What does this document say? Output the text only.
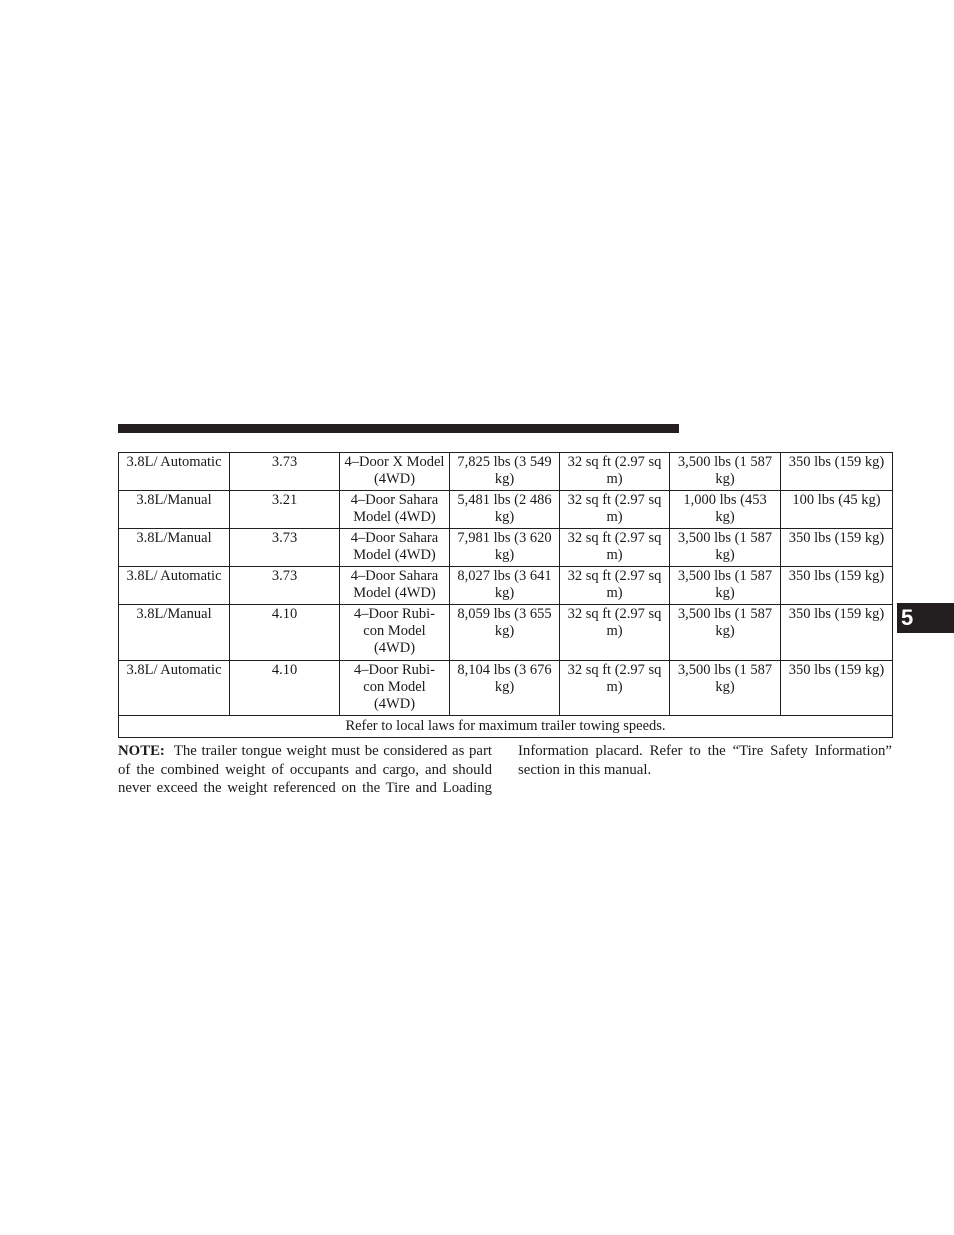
3.8L/ Automatic	3.73	4–Door X Model (4WD)	7,825 lbs (3 549 kg)	32 sq ft (2.97 sq m)	3,500 lbs (1 587 kg)	350 lbs (159 kg)
3.8L/Manual	3.21	4–Door Sahara Model (4WD)	5,481 lbs (2 486 kg)	32 sq ft (2.97 sq m)	1,000 lbs (453 kg)	100 lbs (45 kg)
3.8L/Manual	3.73	4–Door Sahara Model (4WD)	7,981 lbs (3 620 kg)	32 sq ft (2.97 sq m)	3,500 lbs (1 587 kg)	350 lbs (159 kg)
3.8L/ Automatic	3.73	4–Door Sahara Model (4WD)	8,027 lbs (3 641 kg)	32 sq ft (2.97 sq m)	3,500 lbs (1 587 kg)	350 lbs (159 kg)
3.8L/Manual	4.10	4–Door Rubi- con Model (4WD)	8,059 lbs (3 655 kg)	32 sq ft (2.97 sq m)	3,500 lbs (1 587 kg)	350 lbs (159 kg)
3.8L/ Automatic	4.10	4–Door Rubi- con Model (4WD)	8,104 lbs (3 676 kg)	32 sq ft (2.97 sq m)	3,500 lbs (1 587 kg)	350 lbs (159 kg)
Refer to local laws for maximum trailer towing speeds.						
NOTE: The trailer tongue weight must be considered as part of the combined weight of occupants and cargo, and should never exceed the weight referenced on the Tire and Loading Information placard. Refer to the “Tire Safety Information” section in this manual.
5
